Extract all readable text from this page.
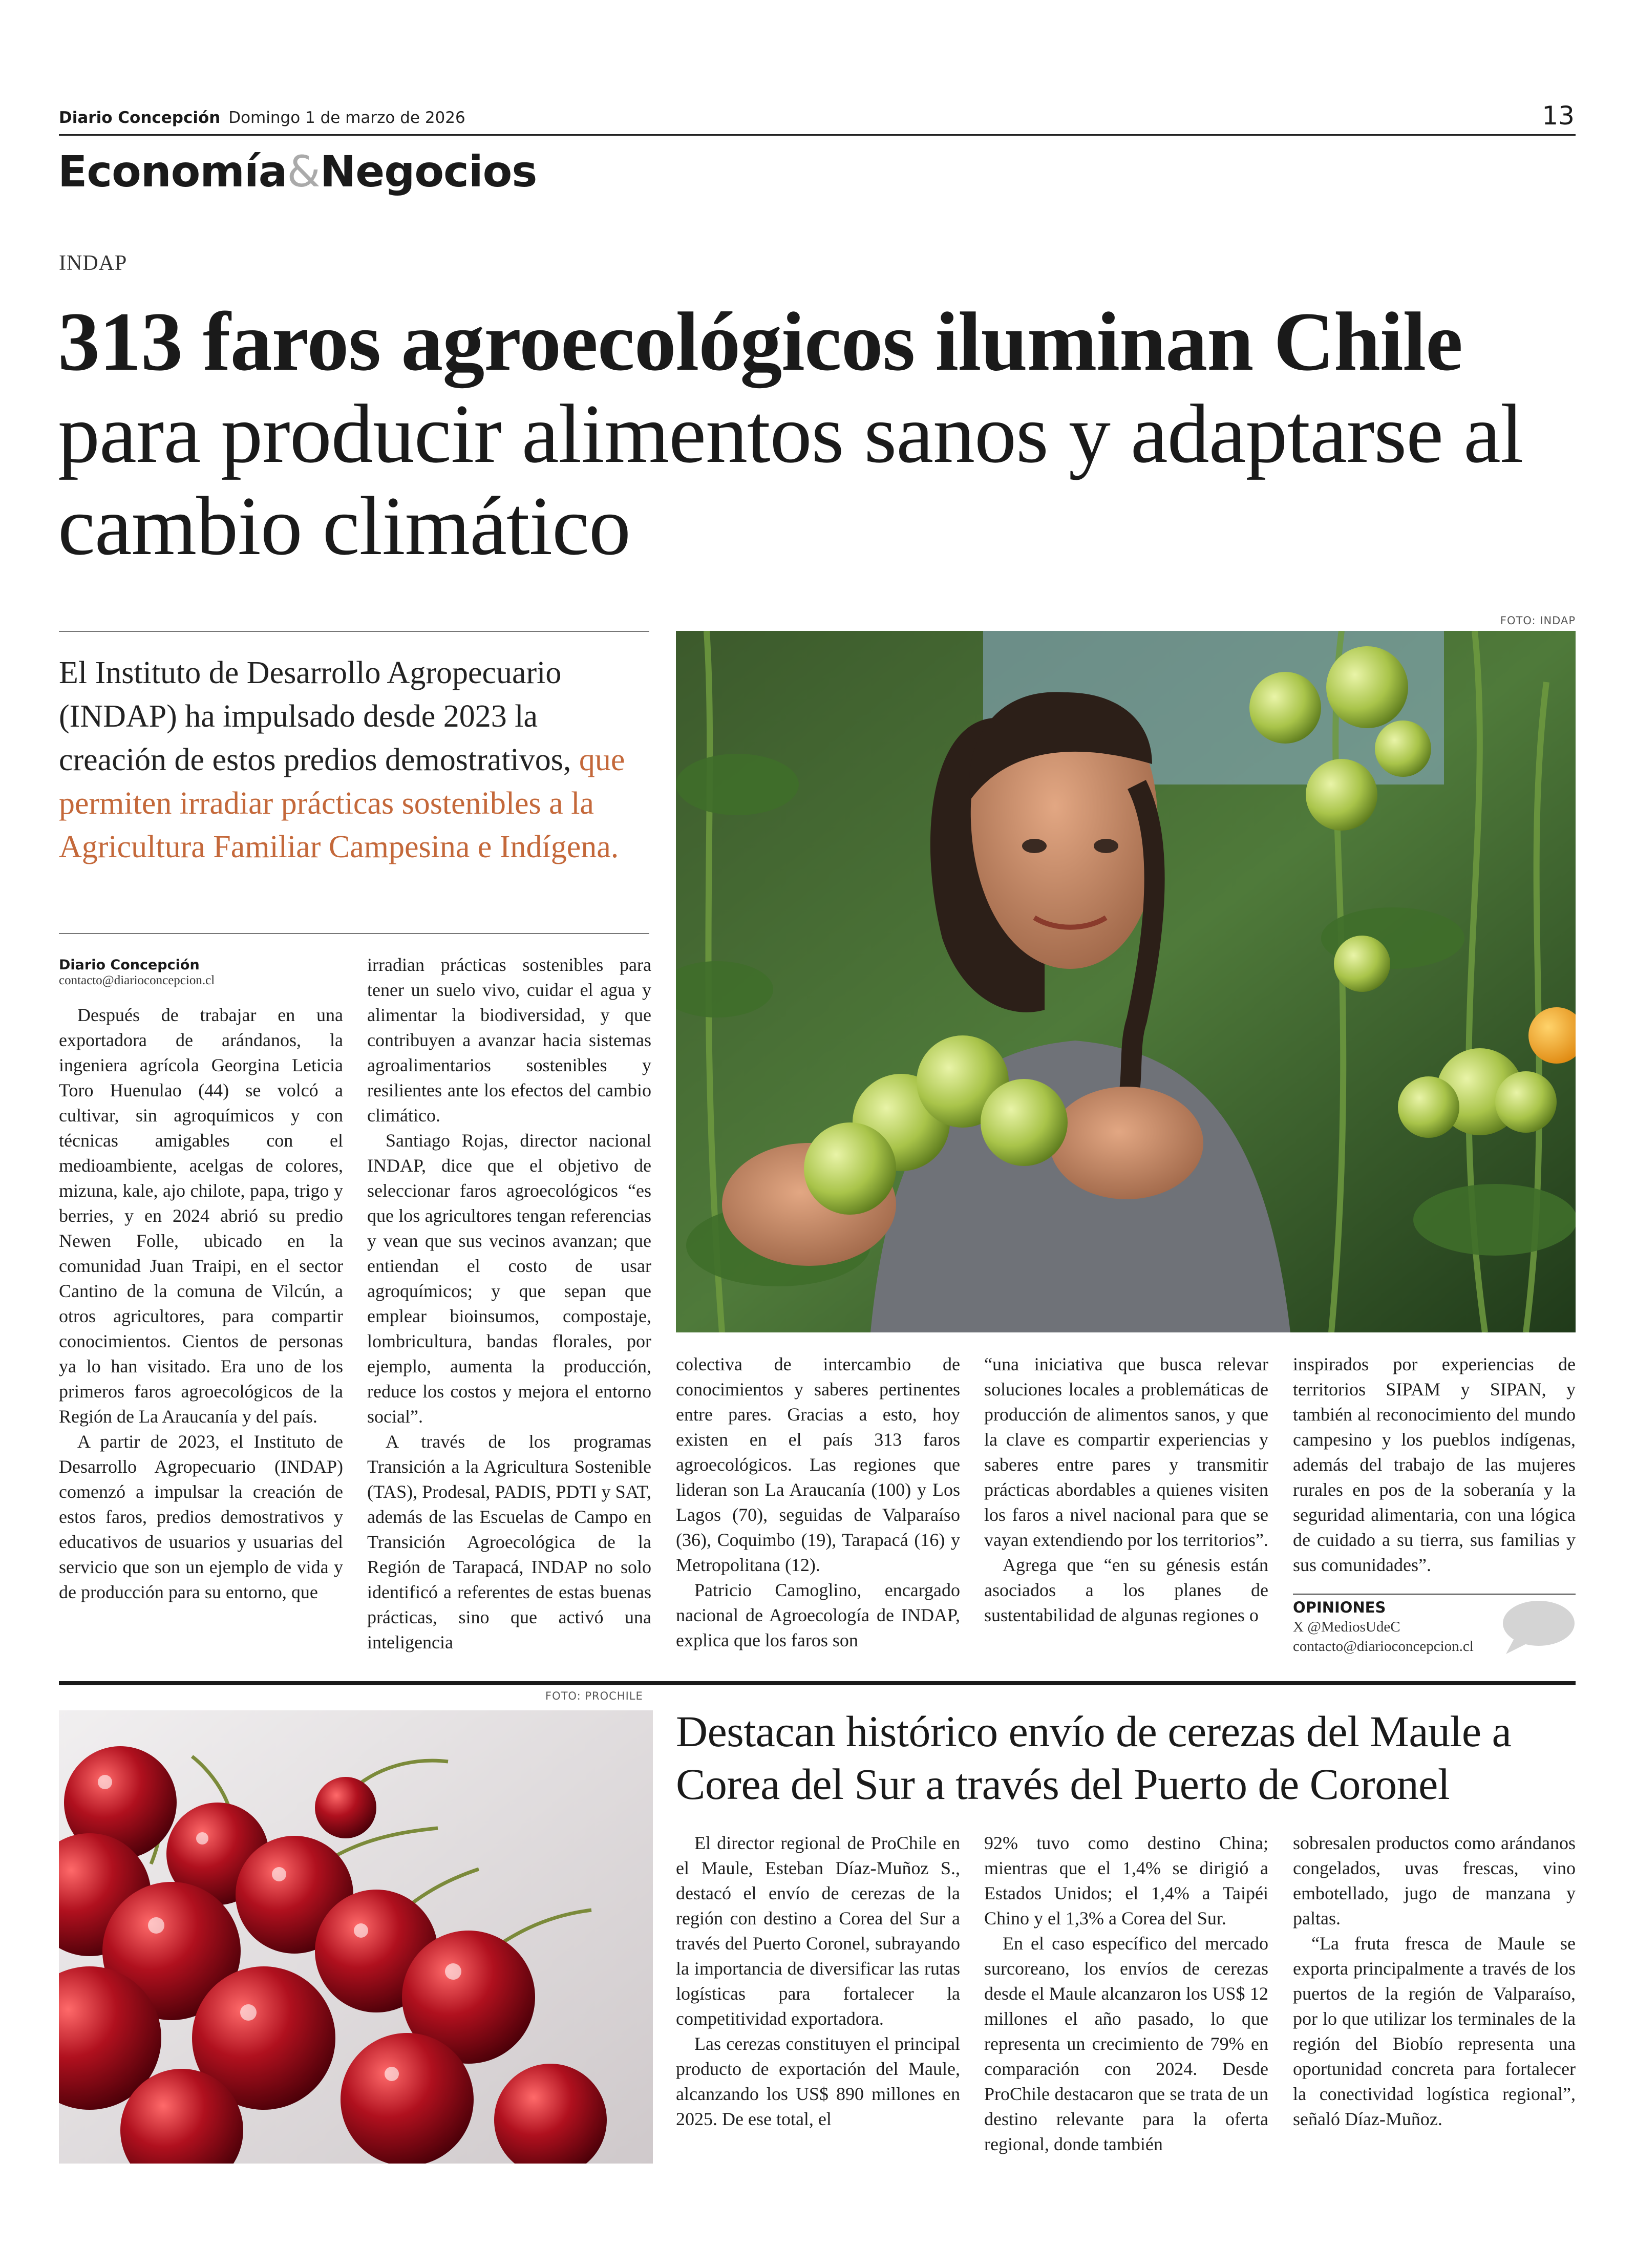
Diario Concepción Domingo 1 de marzo de 2026	13
Economía&Negocios
INDAP
313 faros agroecológicos iluminan Chile para producir alimentos sanos y adaptarse al cambio climático
El Instituto de Desarrollo Agropecuario (INDAP) ha impulsado desde 2023 la creación de estos predios demostrativos, que permiten irradiar prácticas sostenibles a la Agricultura Familiar Campesina e Indígena.
FOTO: INDAP
Diario Concepción
contacto@diarioconcepcion.cl

Después de trabajar en una exportadora de arándanos, la ingeniera agrícola Georgina Leticia Toro Huenulao (44) se volcó a cultivar, sin agroquímicos y con técnicas amigables con el medioambiente, acelgas de colores, mizuna, kale, ajo chilote, papa, trigo y berries, y en 2024 abrió su predio Newen Folle, ubicado en la comunidad Juan Traipi, en el sector Cantino de la comuna de Vilcún, a otros agricultores, para compartir conocimientos. Cientos de personas ya lo han visitado. Era uno de los primeros faros agroecológicos de la Región de La Araucanía y del país.

A partir de 2023, el Instituto de Desarrollo Agropecuario (INDAP) comenzó a impulsar la creación de estos faros, predios demostrativos y educativos de usuarios y usuarias del servicio que son un ejemplo de vida y de producción para su entorno, que

irradian prácticas sostenibles para tener un suelo vivo, cuidar el agua y alimentar la biodiversidad, y que contribuyen a avanzar hacia sistemas agroalimentarios sostenibles y resilientes ante los efectos del cambio climático.

Santiago Rojas, director nacional INDAP, dice que el objetivo de seleccionar faros agroecológicos “es que los agricultores tengan referencias y vean que sus vecinos avanzan; que entiendan el costo de usar agroquímicos; y que sepan que emplear bioinsumos, compostaje, lombricultura, bandas florales, por ejemplo, aumenta la producción, reduce los costos y mejora el entorno social”.

A través de los programas Transición a la Agricultura Sostenible (TAS), Prodesal, PADIS, PDTI y SAT, además de las Escuelas de Campo en Transición Agroecológica de la Región de Tarapacá, INDAP no solo identificó a referentes de estas buenas prácticas, sino que activó una inteligencia

colectiva de intercambio de conocimientos y saberes pertinentes entre pares. Gracias a esto, hoy existen en el país 313 faros agroecológicos. Las regiones que lideran son La Araucanía (100) y Los Lagos (70), seguidas de Valparaíso (36), Coquimbo (19), Tarapacá (16) y Metropolitana (12).

Patricio Camoglino, encargado nacional de Agroecología de INDAP, explica que los faros son

“una iniciativa que busca relevar soluciones locales a problemáticas de producción de alimentos sanos, y que la clave es compartir experiencias y saberes entre pares y transmitir prácticas abordables a quienes visiten los faros a nivel nacional para que se vayan extendiendo por los territorios”.

Agrega que “en su génesis están asociados a los planes de sustentabilidad de algunas regiones o

inspirados por experiencias de territorios SIPAM y SIPAN, y también al reconocimiento del mundo campesino y los pueblos indígenas, además del trabajo de las mujeres rurales en pos de la soberanía y la seguridad alimentaria, con una lógica de cuidado a su tierra, sus familias y sus comunidades”.

OPINIONES
X @MediosUdeC
contacto@diarioconcepcion.cl
FOTO: PROCHILE
Destacan histórico envío de cerezas del Maule a Corea del Sur a través del Puerto de Coronel

El director regional de ProChile en el Maule, Esteban Díaz-Muñoz S., destacó el envío de cerezas de la región con destino a Corea del Sur a través del Puerto Coronel, subrayando la importancia de diversificar las rutas logísticas para fortalecer la competitividad exportadora.

Las cerezas constituyen el principal producto de exportación del Maule, alcanzando los US$ 890 millones en 2025. De ese total, el

92% tuvo como destino China; mientras que el 1,4% se dirigió a Estados Unidos; el 1,4% a Taipéi Chino y el 1,3% a Corea del Sur.

En el caso específico del mercado surcoreano, los envíos de cerezas desde el Maule alcanzaron los US$ 12 millones el año pasado, lo que representa un crecimiento de 79% en comparación con 2024. Desde ProChile destacaron que se trata de un destino relevante para la oferta regional, donde también

sobresalen productos como arándanos congelados, uvas frescas, vino embotellado, jugo de manzana y paltas.

“La fruta fresca de Maule se exporta principalmente a través de los puertos de la región de Valparaíso, por lo que utilizar los terminales de la región del Biobío representa una oportunidad concreta para fortalecer la conectividad logística regional”, señaló Díaz-Muñoz.
